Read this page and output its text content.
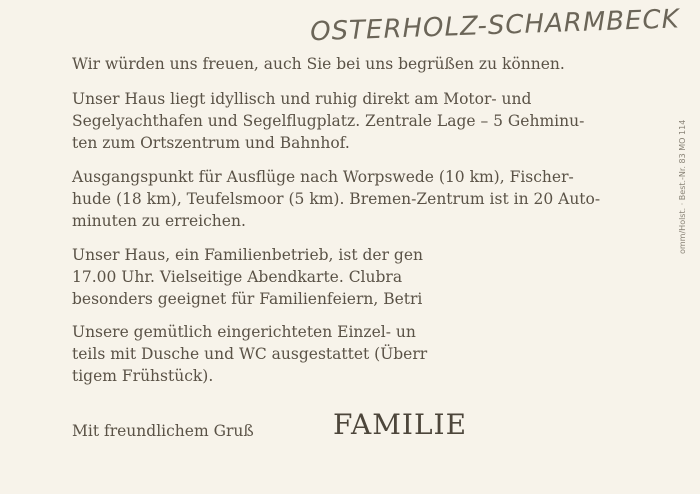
OSTERHOLZ-SCHARMBECK

Wir würden uns freuen, auch Sie bei uns begrüßen zu können.

Unser Haus liegt idyllisch und ruhig direkt am Motor- und
Segelyachthafen und Segelflugplatz. Zentrale Lage – 5 Gehminu-
ten zum Ortszentrum und Bahnhof.

Ausgangspunkt für Ausflüge nach Worpswede (10 km), Fischer-
hude (18 km), Teufelsmoor (5 km). Bremen-Zentrum ist in 20 Auto-
minuten zu erreichen.

Unser Haus, ein Familienbetrieb, ist der gen
17.00 Uhr. Vielseitige Abendkarte. Clubra
besonders geeignet für Familienfeiern, Betri

Unsere gemütlich eingerichteten Einzel- un
teils mit Dusche und WC ausgestattet (Überr
tigem Frühstück).

Mit freundlichem Gruß	FAMILIE
omm/Holst. · Best.-Nr. 83 MO 114
